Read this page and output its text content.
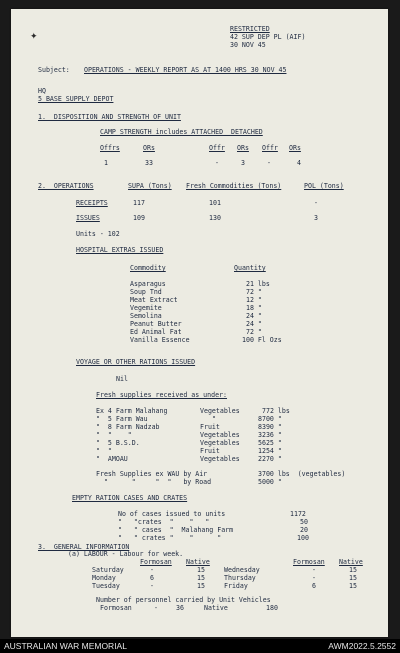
✦
RESTRICTED
42 SUP DEP PL (AIF)
30 NOV 45
Subject: OPERATIONS - WEEKLY REPORT AS AT 1400 HRS 30 NOV 45
HQ
5 BASE SUPPLY DEPOT
1.  DISPOSITION AND STRENGTH OF UNIT
CAMP STRENGTH includes ATTACHED  DETACHED
Offrs	ORs	Offr ORs Offr ORs
1	33	-	3	-	4
2.  OPERATIONS	SUPA (Tons) Fresh Commodities (Tons)	POL (Tons)
RECEIPTS	117	101	-
ISSUES	109	130	3
Units - 102
HOSPITAL EXTRAS ISSUED
Commodity	Quantity
Asparagus	21 lbs
Soup Tnd	72 "
Meat Extract	12 "
Vegemite	18 "
Semolina	24 "
Peanut Butter	24 "
Ed Animal Fat	72 "
Vanilla Essence	100 Fl Ozs
VOYAGE OR OTHER RATIONS ISSUED
Nil
Fresh supplies received as under:
Ex 4 Farm Malahang	Vegetables	772 lbs
"  5 Farm Wau	"	8700 "
"  8 Farm Nadzab	Fruit	8390 "
"  "    "	Vegetables	3236 "
"  5 B.S.D.	Vegetables	5625 "
"  "	Fruit	1254 "
"  AMOAU	Vegetables	2270 "
Fresh Supplies ex WAU by Air	3700 lbs  (vegetables)
"      "     "  "   by Road	5000 "
EMPTY RATION CASES AND CRATES
No of cases issued to units	1172
"   "crates  "    "   "	50
"   " cases  "  Malahang Farm	20
"   " crates "    "      "	100
3.  GENERAL INFORMATION
(a) LABOUR - Labour for week.
Formosan Native	Formosan Native
Saturday	-	15	Wednesday	-	15
Monday	6	15	Thursday	-	15
Tuesday	-	15	Friday	6	15
Number of personnel carried by Unit Vehicles
Formosan	-	36	Native	180
AUSTRALIAN WAR MEMORIAL	AWM2022.5.2552
